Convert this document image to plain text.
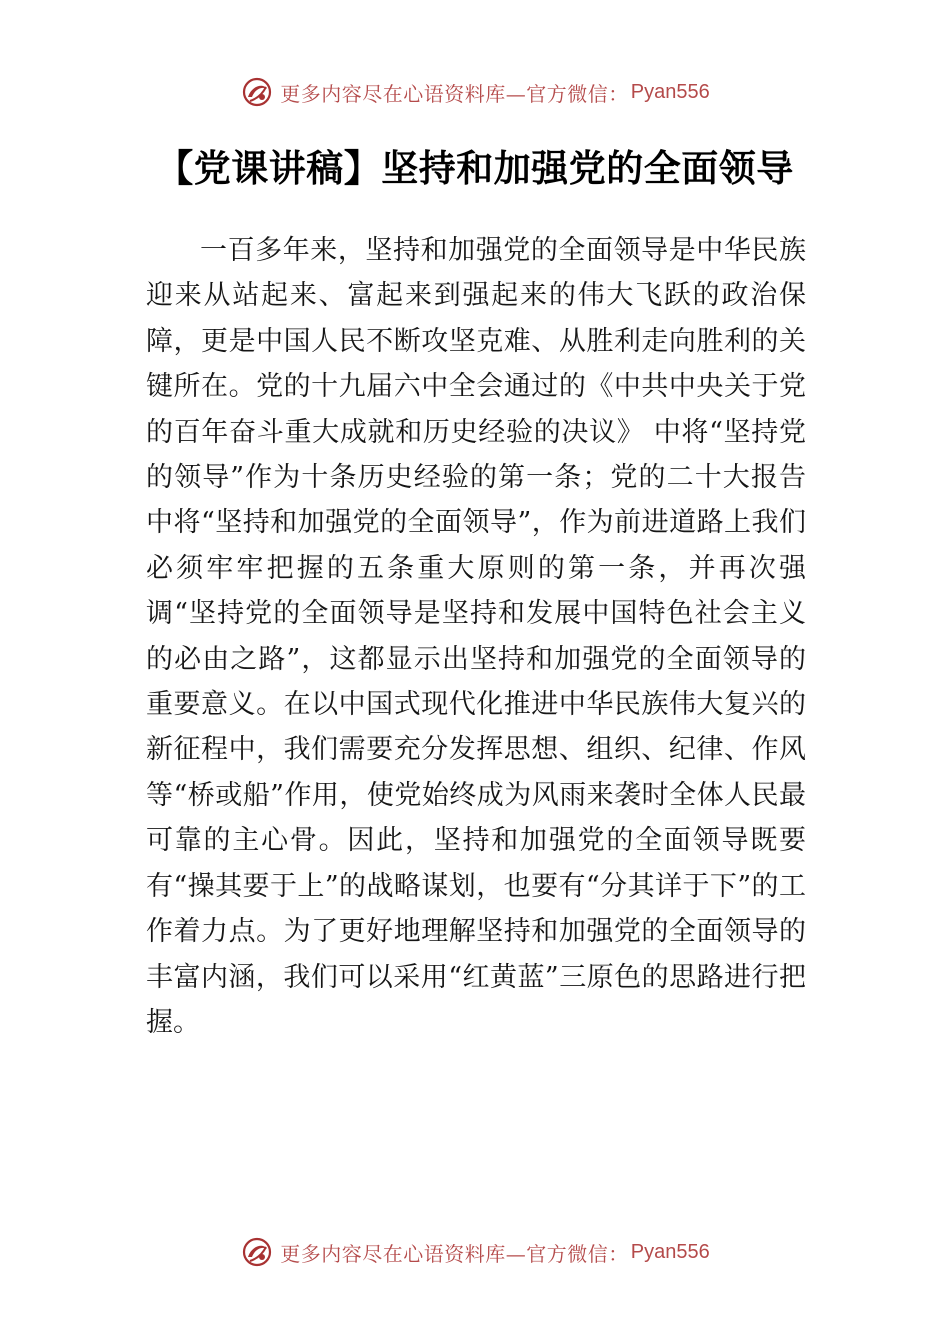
更多内容尽在心语资料库—官方微信： Pyan556
【党课讲稿】坚持和加强党的全面领导

一百多年来，坚持和加强党的全面领导是中华民族迎来从站起来、富起来到强起来的伟大飞跃的政治保障，更是中国人民不断攻坚克难、从胜利走向胜利的关键所在。党的十九届六中全会通过的《中共中央关于党的百年奋斗重大成就和历史经验的决议》 中将“坚持党的领导”作为十条历史经验的第一条；党的二十大报告中将“坚持和加强党的全面领导”，作为前进道路上我们必须牢牢把握的五条重大原则的第一条，并再次强调“坚持党的全面领导是坚持和发展中国特色社会主义的必由之路”，这都显示出坚持和加强党的全面领导的重要意义。在以中国式现代化推进中华民族伟大复兴的新征程中，我们需要充分发挥思想、组织、纪律、作风等“桥或船”作用，使党始终成为风雨来袭时全体人民最可靠的主心骨。因此，坚持和加强党的全面领导既要有“操其要于上”的战略谋划，也要有“分其详于下”的工作着力点。为了更好地理解坚持和加强党的全面领导的丰富内涵，我们可以采用“红黄蓝”三原色的思路进行把握。

更多内容尽在心语资料库—官方微信： Pyan556
